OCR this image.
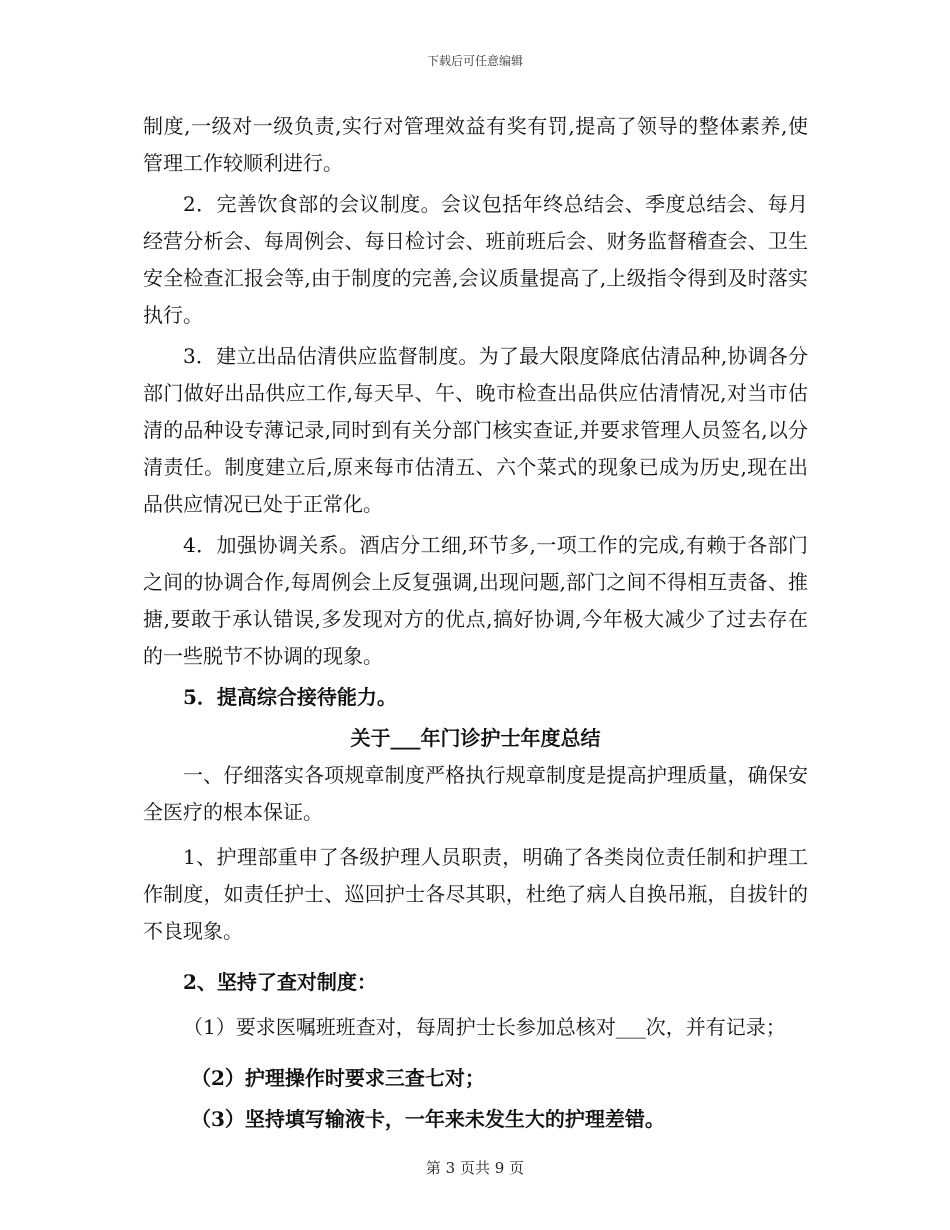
下载后可任意编辑

制度,一级对一级负责,实行对管理效益有奖有罚,提高了领导的整体素养,使管理工作较顺利进行。

2．完善饮食部的会议制度。会议包括年终总结会、季度总结会、每月经营分析会、每周例会、每日检讨会、班前班后会、财务监督稽查会、卫生安全检查汇报会等,由于制度的完善,会议质量提高了,上级指令得到及时落实执行。

3．建立出品估清供应监督制度。为了最大限度降底估清品种,协调各分部门做好出品供应工作,每天早、午、晚市检查出品供应估清情况,对当市估清的品种设专薄记录,同时到有关分部门核实查证,并要求管理人员签名,以分清责任。制度建立后,原来每市估清五、六个菜式的现象已成为历史,现在出品供应情况已处于正常化。

4．加强协调关系。酒店分工细,环节多,一项工作的完成,有赖于各部门之间的协调合作,每周例会上反复强调,出现问题,部门之间不得相互责备、推搪,要敢于承认错误,多发现对方的优点,搞好协调,今年极大减少了过去存在的一些脱节不协调的现象。

5．提高综合接待能力。

关于___年门诊护士年度总结

一、仔细落实各项规章制度严格执行规章制度是提高护理质量，确保安全医疗的根本保证。

1、护理部重申了各级护理人员职责，明确了各类岗位责任制和护理工作制度，如责任护士、巡回护士各尽其职，杜绝了病人自换吊瓶，自拔针的不良现象。

2、坚持了查对制度：

（1）要求医嘱班班查对，每周护士长参加总核对___次，并有记录；

（2）护理操作时要求三查七对；

（3）坚持填写输液卡，一年来未发生大的护理差错。

第 3 页共 9 页
